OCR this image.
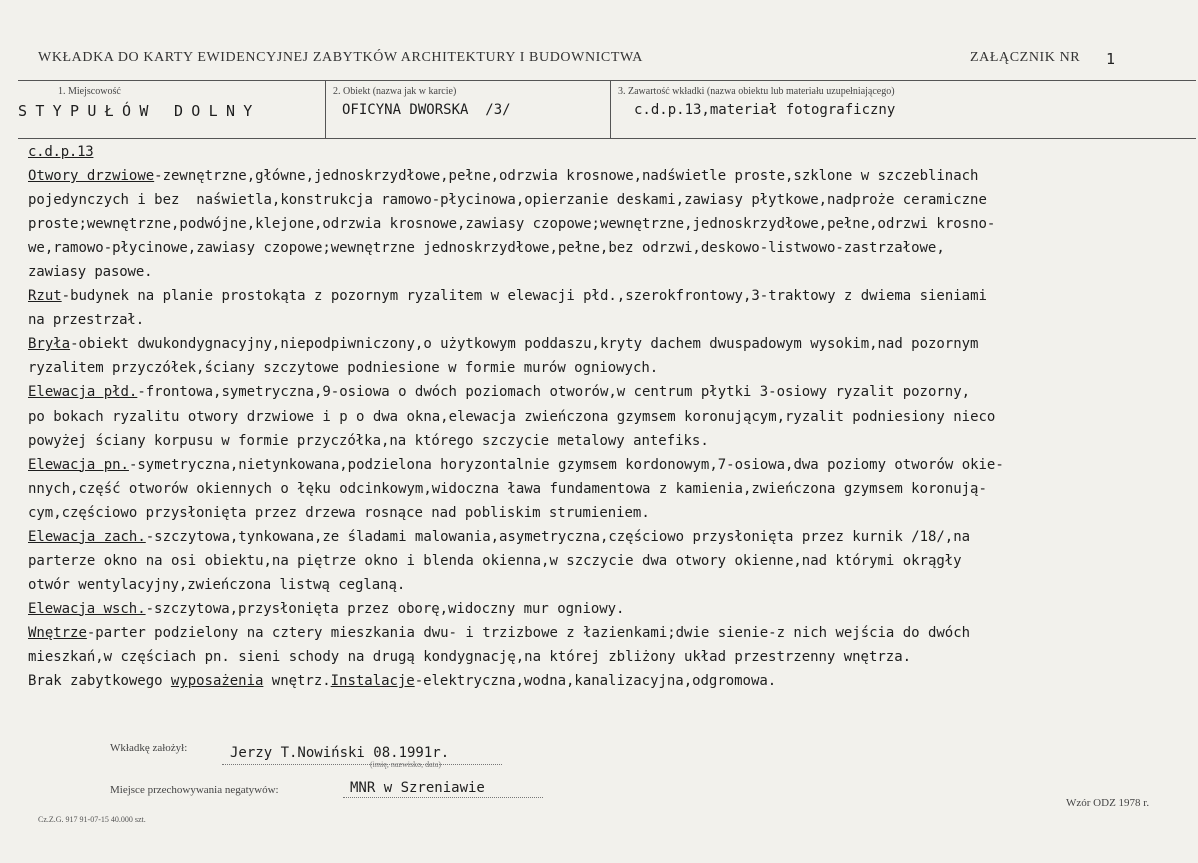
WKŁADKA DO KARTY EWIDENCYJNEJ ZABYTKÓW ARCHITEKTURY I BUDOWNICTWA	ZAŁĄCZNIK NR 1
1. Miejscowość
STYPUŁÓW DOLNY
2. Obiekt (nazwa jak w karcie)
OFICYNA DWORSKA  /3/
3. Zawartość wkładki (nazwa obiektu lub materiału uzupełniającego)
c.d.p.13,materiał fotograficzny
c.d.p.13
Otwory drzwiowe-zewnętrzne,główne,jednoskrzydłowe,pełne,odrzwia krosnowe,nadświetle proste,szklone w szczeblinach
pojedynczych i bez  naświetla,konstrukcja ramowo-płycinowa,opierzanie deskami,zawiasy płytkowe,nadproże ceramiczne
proste;wewnętrzne,podwójne,klejone,odrzwia krosnowe,zawiasy czopowe;wewnętrzne,jednoskrzydłowe,pełne,odrzwi krosno-
we,ramowo-płycinowe,zawiasy czopowe;wewnętrzne jednoskrzydłowe,pełne,bez odrzwi,deskowo-listwowo-zastrzałowe,
zawiasy pasowe.
Rzut-budynek na planie prostokąta z pozornym ryzalitem w elewacji płd.,szerokfrontowy,3-traktowy z dwiema sieniami
na przestrzał.
Bryła-obiekt dwukondygnacyjny,niepodpiwniczony,o użytkowym poddaszu,kryty dachem dwuspadowym wysokim,nad pozornym
ryzalitem przyczółek,ściany szczytowe podniesione w formie murów ogniowych.
Elewacja płd.-frontowa,symetryczna,9-osiowa o dwóch poziomach otworów,w centrum płytki 3-osiowy ryzalit pozorny,
po bokach ryzalitu otwory drzwiowe i p o dwa okna,elewacja zwieńczona gzymsem koronującym,ryzalit podniesiony nieco
powyżej ściany korpusu w formie przyczółka,na którego szczycie metalowy antefiks.
Elewacja pn.-symetryczna,nietynkowana,podzielona horyzontalnie gzymsem kordonowym,7-osiowa,dwa poziomy otworów okie-
nnych,część otworów okiennych o łęku odcinkowym,widoczna ława fundamentowa z kamienia,zwieńczona gzymsem koronują-
cym,częściowo przysłonięta przez drzewa rosnące nad pobliskim strumieniem.
Elewacja zach.-szczytowa,tynkowana,ze śladami malowania,asymetryczna,częściowo przysłonięta przez kurnik /18/,na
parterze okno na osi obiektu,na piętrze okno i blenda okienna,w szczycie dwa otwory okienne,nad którymi okrągły
otwór wentylacyjny,zwieńczona listwą ceglaną.
Elewacja wsch.-szczytowa,przysłonięta przez oborę,widoczny mur ogniowy.
Wnętrze-parter podzielony na cztery mieszkania dwu- i trzizbowe z łazienkami;dwie sienie-z nich wejścia do dwóch
mieszkań,w częściach pn. sieni schody na drugą kondygnację,na której zbliżony układ przestrzenny wnętrza.
Brak zabytkowego wyposażenia wnętrz.Instalacje-elektryczna,wodna,kanalizacyjna,odgromowa.
Wkładkę założył:	Jerzy T.Nowiński 08.1991r.
(imię, nazwisko, data)
Miejsce przechowywania negatywów:	MNR w Szreniawie
Cz.Z.G. 917 91-07-15 40.000 szt.
Wzór ODZ 1978 r.
